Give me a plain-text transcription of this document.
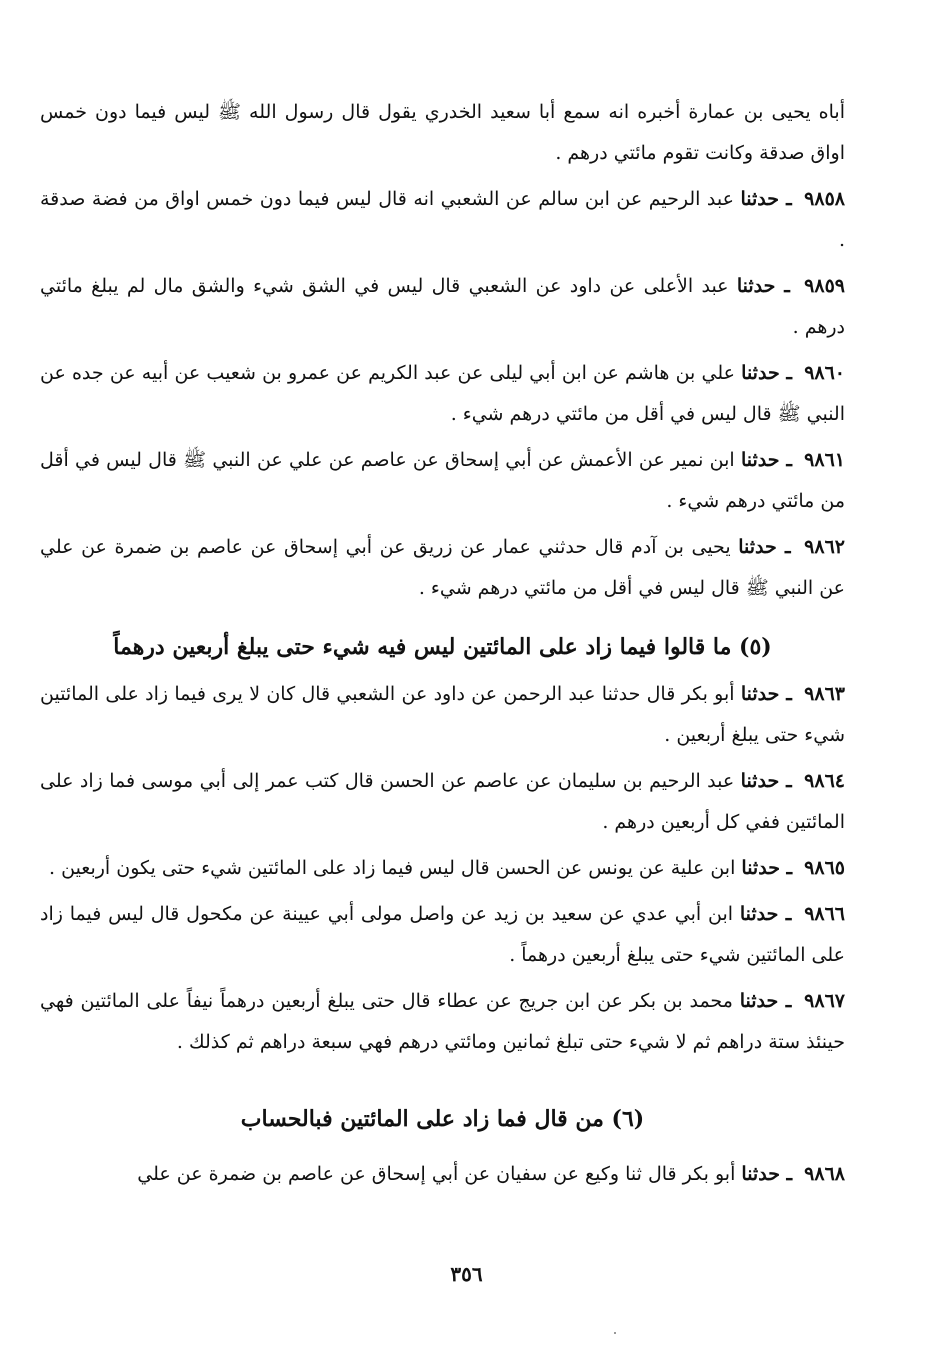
أباه يحيى بن عمارة أخبره انه سمع أبا سعيد الخدري يقول قال رسول الله ﷺ ليس فيما دون خمس اواق صدقة وكانت تقوم مائتي درهم .

٩٨٥٨ ـ حدثنا عبد الرحيم عن ابن سالم عن الشعبي انه قال ليس فيما دون خمس اواق من فضة صدقة .

٩٨٥٩ ـ حدثنا عبد الأعلى عن داود عن الشعبي قال ليس في الشق شيء والشق مال لم يبلغ مائتي درهم .

٩٨٦٠ ـ حدثنا علي بن هاشم عن ابن أبي ليلى عن عبد الكريم عن عمرو بن شعيب عن أبيه عن جده عن النبي ﷺ قال ليس في أقل من مائتي درهم شيء .

٩٨٦١ ـ حدثنا ابن نمير عن الأعمش عن أبي إسحاق عن عاصم عن علي عن النبي ﷺ قال ليس في أقل من مائتي درهم شيء .

٩٨٦٢ ـ حدثنا يحيى بن آدم قال حدثني عمار عن زريق عن أبي إسحاق عن عاصم بن ضمرة عن علي عن النبي ﷺ قال ليس في أقل من مائتي درهم شيء .

(٥) ما قالوا فيما زاد على المائتين ليس فيه شيء حتى يبلغ أربعين درهماً

٩٨٦٣ ـ حدثنا أبو بكر قال حدثنا عبد الرحمن عن داود عن الشعبي قال كان لا يرى فيما زاد على المائتين شيء حتى يبلغ أربعين .

٩٨٦٤ ـ حدثنا عبد الرحيم بن سليمان عن عاصم عن الحسن قال كتب عمر إلى أبي موسى فما زاد على المائتين ففي كل أربعين درهم .

٩٨٦٥ ـ حدثنا ابن علية عن يونس عن الحسن قال ليس فيما زاد على المائتين شيء حتى يكون أربعين .

٩٨٦٦ ـ حدثنا ابن أبي عدي عن سعيد بن زيد عن واصل مولى أبي عيينة عن مكحول قال ليس فيما زاد على المائتين شيء حتى يبلغ أربعين درهماً .

٩٨٦٧ ـ حدثنا محمد بن بكر عن ابن جريج عن عطاء قال حتى يبلغ أربعين درهماً نيفاً على المائتين فهي حينئذ ستة دراهم ثم لا شيء حتى تبلغ ثمانين ومائتي درهم فهي سبعة دراهم ثم كذلك .

(٦) من قال فما زاد على المائتين فبالحساب

٩٨٦٨ ـ حدثنا أبو بكر قال ثنا وكيع عن سفيان عن أبي إسحاق عن عاصم بن ضمرة عن علي

٣٥٦
